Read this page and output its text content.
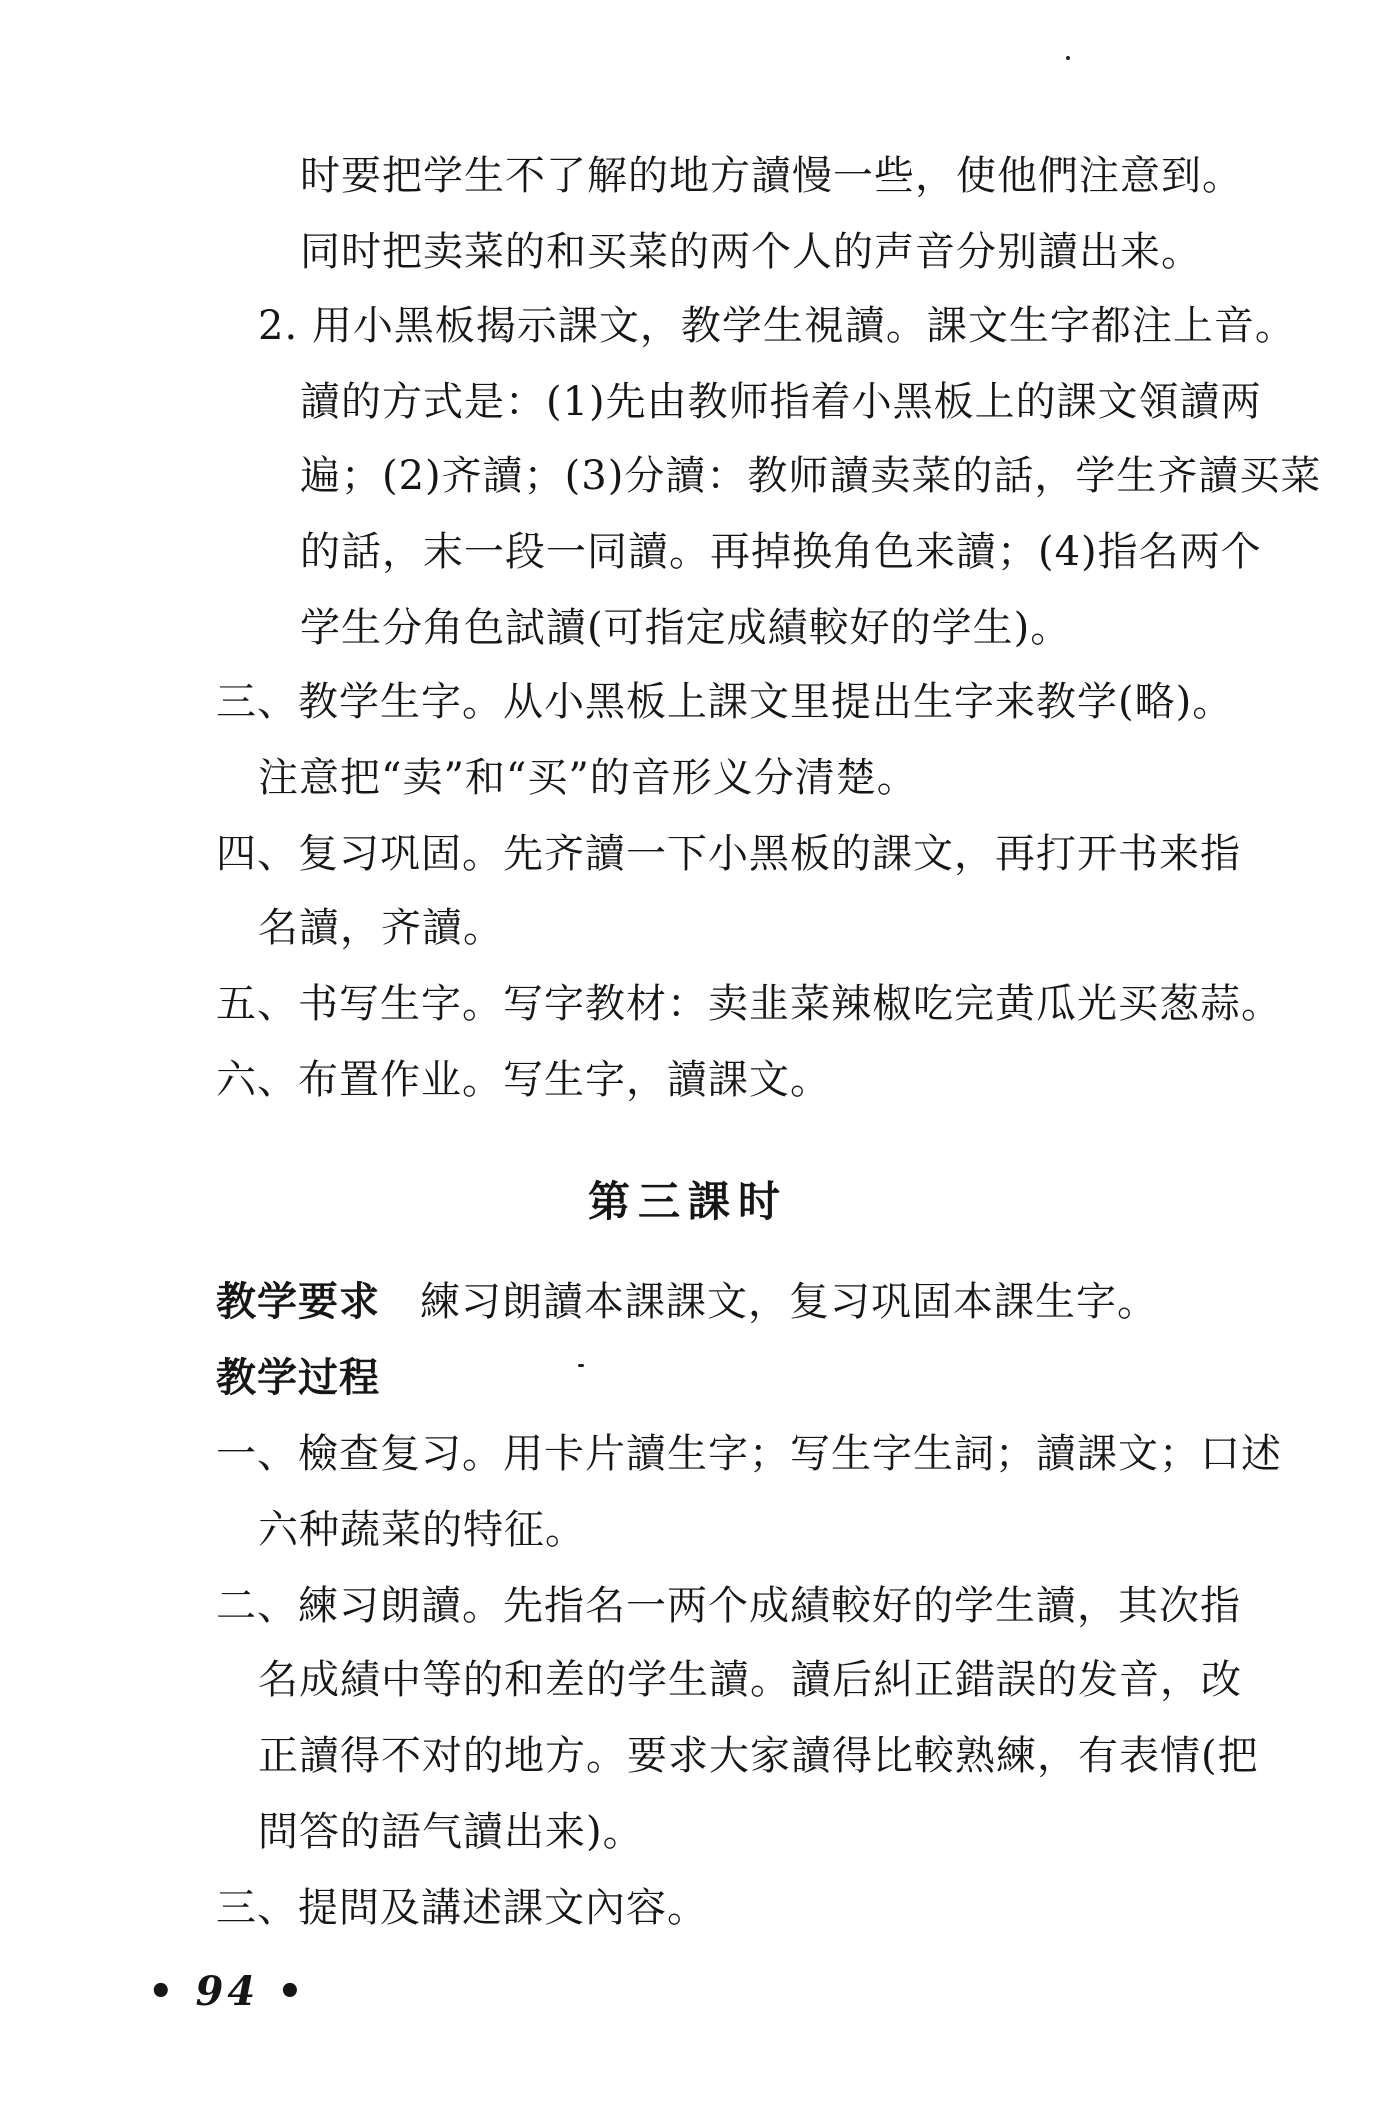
时要把学生不了解的地方讀慢一些，使他們注意到。
同时把卖菜的和买菜的两个人的声音分别讀出来。
2. 用小黑板揭示課文，教学生視讀。課文生字都注上音。
讀的方式是：(1)先由教师指着小黑板上的課文領讀两
遍；(2)齐讀；(3)分讀：教师讀卖菜的話，学生齐讀买菜
的話，末一段一同讀。再掉换角色来讀；(4)指名两个
学生分角色試讀(可指定成績較好的学生)。
三、教学生字。从小黑板上課文里提出生字来教学(略)。
注意把“卖”和“买”的音形义分清楚。
四、复习巩固。先齐讀一下小黑板的課文，再打开书来指
名讀，齐讀。
五、书写生字。写字教材：卖韭菜辣椒吃完黄瓜光买葱蒜。
六、布置作业。写生字，讀課文。
第三課时
教学要求 練习朗讀本課課文，复习巩固本課生字。
教学过程
一、檢查复习。用卡片讀生字；写生字生詞；讀課文；口述
六种蔬菜的特征。
二、練习朗讀。先指名一两个成績較好的学生讀，其次指
名成績中等的和差的学生讀。讀后糾正錯誤的发音，改
正讀得不对的地方。要求大家讀得比較熟練，有表情(把
問答的語气讀出来)。
三、提問及講述課文內容。
• 94 •
